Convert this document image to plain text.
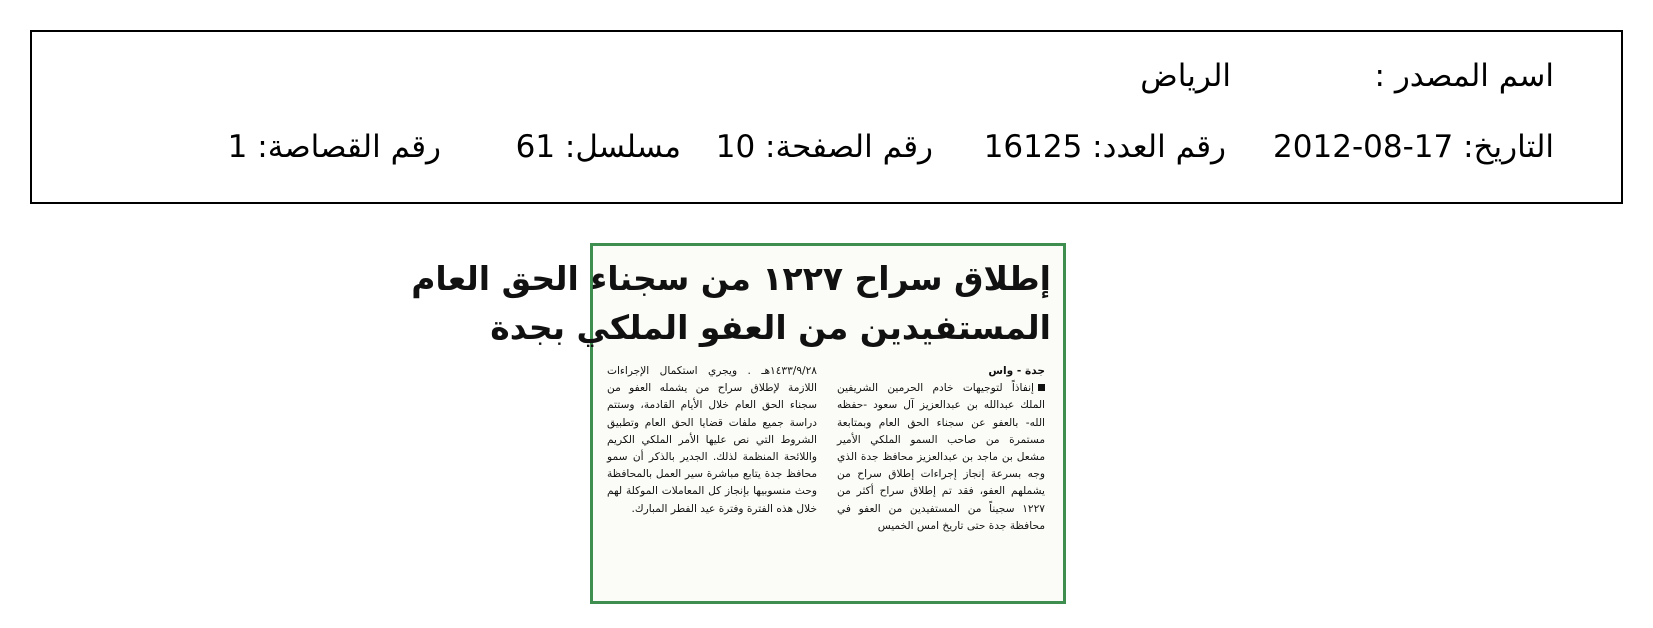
اسم المصدر :
الرياض
التاريخ: 17-08-2012
رقم العدد: 16125
رقم الصفحة: 10
مسلسل: 61
رقم القصاصة: 1
إطلاق سراح ١٢٢٧ من سجناء الحق العام
المستفيدين من العفو الملكي بجدة
جدة - واس
إنفاذاً لتوجيهات خادم الحرمين الشريفين الملك عبدالله بن عبدالعزيز آل سعود -حفظه الله- بالعفو عن سجناء الحق العام وبمتابعة مستمرة من صاحب السمو الملكي الأمير مشعل بن ماجد بن عبدالعزيز محافظ جدة الذي وجه بسرعة إنجاز إجراءات إطلاق سراح من يشملهم العفو، فقد تم إطلاق سراح أكثر من ١٢٢٧ سجيناً من المستفيدين من العفو في محافظة جدة حتى تاريخ امس الخميس
١٤٣٣/٩/٢٨هـ . ويجري استكمال الإجراءات اللازمة لإطلاق سراح من يشمله العفو من سجناء الحق العام خلال الأيام القادمة، وستتم دراسة جميع ملفات قضايا الحق العام وتطبيق الشروط التي نص عليها الأمر الملكي الكريم واللائحة المنظمة لذلك. الجدير بالذكر أن سمو محافظ جدة يتابع مباشرة سير العمل بالمحافظة وحث منسوبيها بإنجاز كل المعاملات الموكلة لهم خلال هذه الفترة وفترة عيد الفطر المبارك.
